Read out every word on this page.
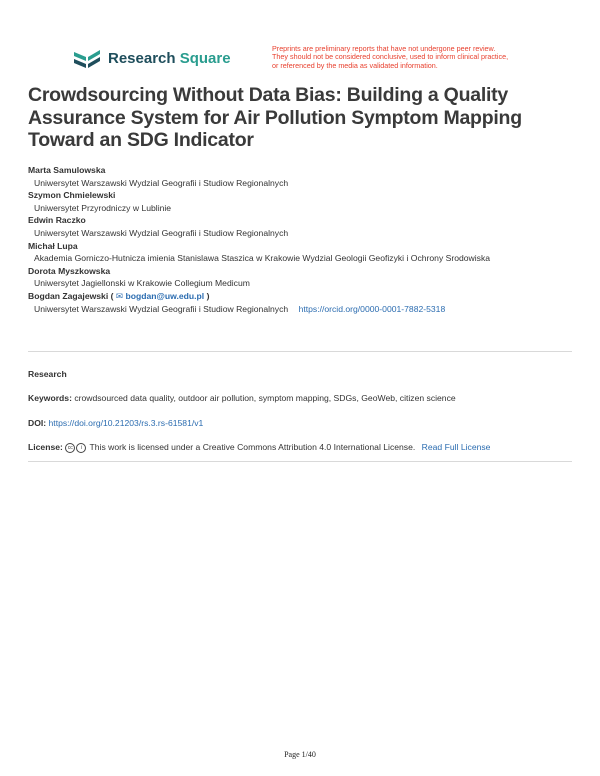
Research Square
Preprints are preliminary reports that have not undergone peer review.
They should not be considered conclusive, used to inform clinical practice,
or referenced by the media as validated information.
Crowdsourcing Without Data Bias: Building a Quality Assurance System for Air Pollution Symptom Mapping Toward an SDG Indicator
Marta Samulowska
Uniwersytet Warszawski Wydzial Geografii i Studiow Regionalnych
Szymon Chmielewski
Uniwersytet Przyrodniczy w Lublinie
Edwin Raczko
Uniwersytet Warszawski Wydzial Geografii i Studiow Regionalnych
Michał Lupa
Akademia Gorniczo-Hutnicza imienia Stanislawa Staszica w Krakowie Wydzial Geologii Geofizyki i Ochrony Srodowiska
Dorota Myszkowska
Uniwersytet Jagiellonski w Krakowie Collegium Medicum
Bogdan Zagajewski ( ✉ bogdan@uw.edu.pl )
Uniwersytet Warszawski Wydzial Geografii i Studiow Regionalnych https://orcid.org/0000-0001-7882-5318
Research
Keywords: crowdsourced data quality, outdoor air pollution, symptom mapping, SDGs, GeoWeb, citizen science
DOI: https://doi.org/10.21203/rs.3.rs-61581/v1
License: cc i This work is licensed under a Creative Commons Attribution 4.0 International License. Read Full License
Page 1/40
